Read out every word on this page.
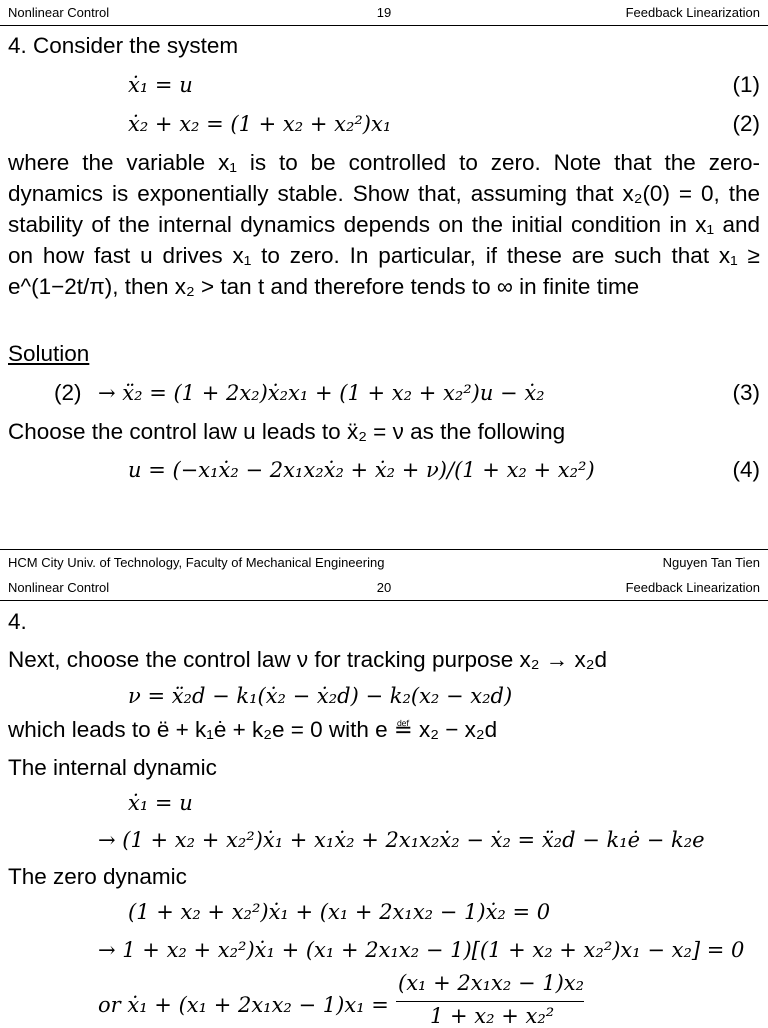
Nonlinear Control	19	Feedback Linearization
4. Consider the system
ẋ₁ = u	(1)
ẋ₂ + x₂ = (1 + x₂ + x₂²)x₁	(2)
where the variable x₁ is to be controlled to zero. Note that the zero-dynamics is exponentially stable. Show that, assuming that x₂(0) = 0, the stability of the internal dynamics depends on the initial condition in x₁ and on how fast u drives x₁ to zero. In particular, if these are such that x₁ ≥ e^(1−2t/π), then x₂ > tan t and therefore tends to ∞ in finite time
Solution
(2) → ẍ₂ = (1 + 2x₂)ẋ₂x₁ + (1 + x₂ + x₂²)u − ẋ₂	(3)
Choose the control law u leads to ẍ₂ = ν as the following
u = (−x₁ẋ₂ − 2x₁x₂ẋ₂ + ẋ₂ + ν)/(1 + x₂ + x₂²)	(4)
HCM City Univ. of Technology, Faculty of Mechanical Engineering	Nguyen Tan Tien
Nonlinear Control	20	Feedback Linearization
4.
Next, choose the control law ν for tracking purpose x₂ → x₂d
ν = ẍ₂d − k₁(ẋ₂ − ẋ₂d) − k₂(x₂ − x₂d)
which leads to ë + k₁ė + k₂e = 0 with e ≝ x₂ − x₂d
The internal dynamic
ẋ₁ = u
→ (1 + x₂ + x₂²)ẋ₁ + x₁ẋ₂ + 2x₁x₂ẋ₂ − ẋ₂ = ẍ₂d − k₁ė − k₂e
The zero dynamic
(1 + x₂ + x₂²)ẋ₁ + (x₁ + 2x₁x₂ − 1)ẋ₂ = 0
→ 1 + x₂ + x₂²)ẋ₁ + (x₁ + 2x₁x₂ − 1)[(1 + x₂ + x₂²)x₁ − x₂] = 0
or ẋ₁ + (x₁ + 2x₁x₂ − 1)x₁ =
(x₁ + 2x₁x₂ − 1)x₂
1 + x₂ + x₂²
